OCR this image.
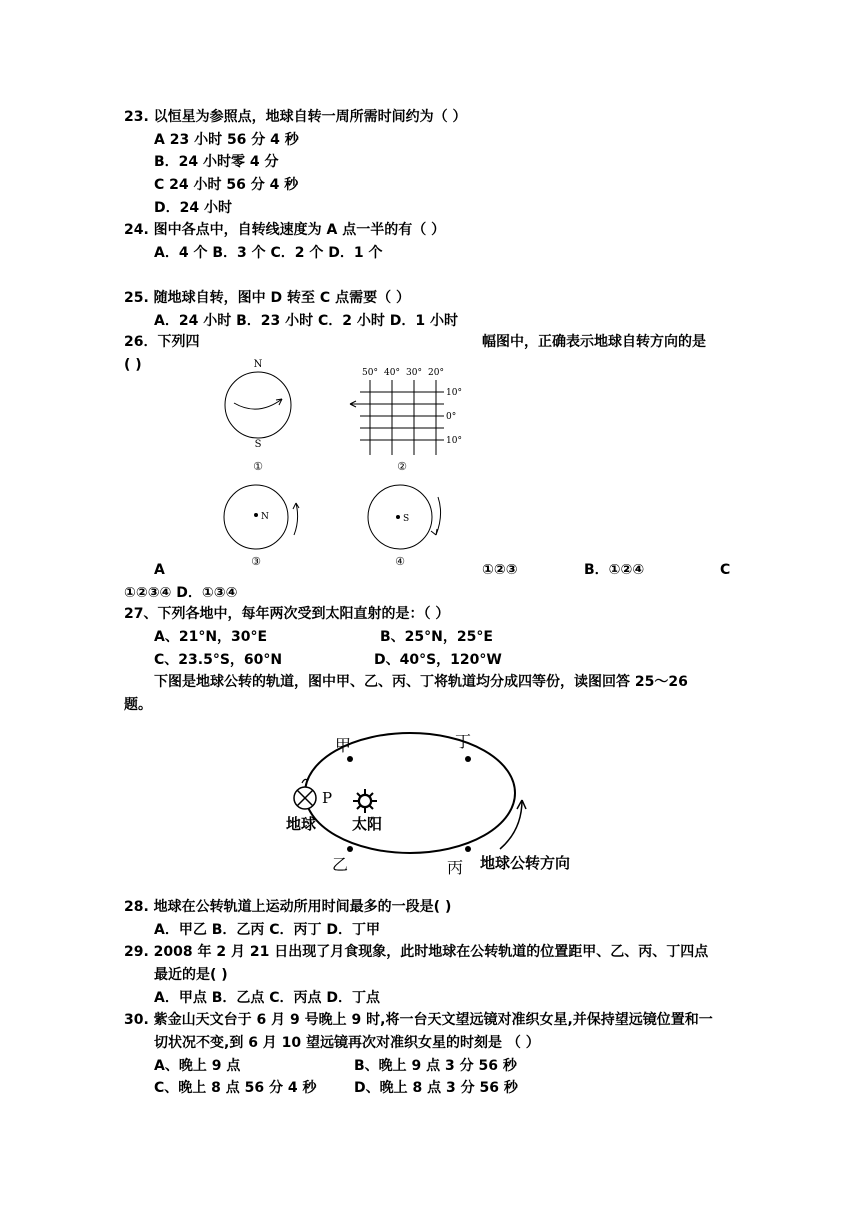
23. 以恒星为参照点，地球自转一周所需时间约为（ ）
A 23 小时 56 分 4 秒
B．24 小时零 4 分
C 24 小时 56 分 4 秒
D．24 小时
24. 图中各点中，自转线速度为 A 点一半的有（ ）
A．4 个 B．3 个 C．2 个 D．1 个
25. 随地球自转，图中 D 转至 C 点需要（ ）
A．24 小时 B．23 小时 C．2 小时 D．1 小时
26．下列四	幅图中，正确表示地球自转方向的是
( )	N
S
①
50° 40° 30° 20°
10°
0°
10°
②
N
③
S
④
A	①②③	B．①②④	C
①②③④ D．①③④
27、下列各地中，每年两次受到太阳直射的是：（ ）
A、21°N，30°E	B、25°N，25°E
C、23.5°S，60°N	D、40°S，120°W
下图是地球公转的轨道，图中甲、乙、丙、丁将轨道均分成四等份，读图回答 25～26
题。
甲	丁
乙	丙
P
地球 太阳
地球公转方向
28. 地球在公转轨道上运动所用时间最多的一段是( )
A．甲乙 B．乙丙 C．丙丁 D．丁甲
29. 2008 年 2 月 21 日出现了月食现象，此时地球在公转轨道的位置距甲、乙、丙、丁四点
最近的是( )
A．甲点 B．乙点 C．丙点 D．丁点
30. 紫金山天文台于 6 月 9 号晚上 9 时,将一台天文望远镜对准织女星,并保持望远镜位置和一
切状况不变,到 6 月 10 望远镜再次对准织女星的时刻是 （ ）
A、晚上 9 点	B、晚上 9 点 3 分 56 秒
C、晚上 8 点 56 分 4 秒	D、晚上 8 点 3 分 56 秒
